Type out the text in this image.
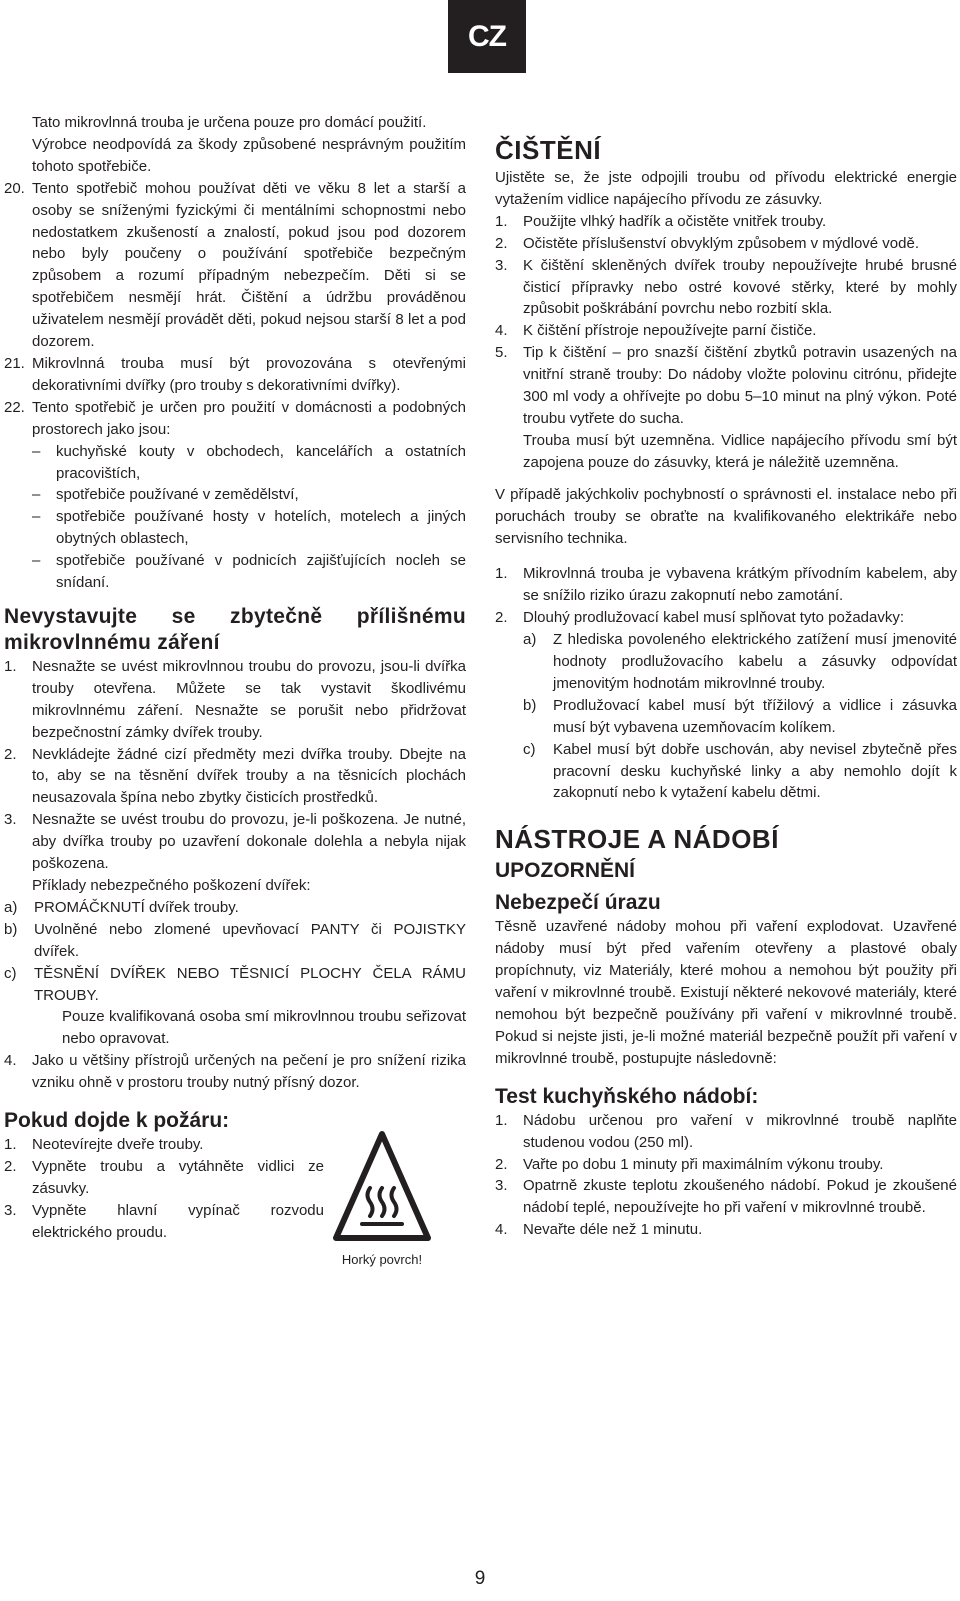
CZ

Tato mikrovlnná trouba je určena pouze pro domácí použití.

Výrobce neodpovídá za škody způsobené nesprávným použitím tohoto spotřebiče.

20. Tento spotřebič mohou používat děti ve věku 8 let a starší a osoby se sníženými fyzickými či mentálními schopnostmi nebo nedostatkem zkušeností a znalostí, pokud jsou pod dozorem nebo byly poučeny o používání spotřebiče bezpečným způsobem a rozumí případným nebezpečím. Děti si se spotřebičem nesmějí hrát. Čištění a údržbu prováděnou uživatelem nesmějí provádět děti, pokud nejsou starší 8 let a pod dozorem.
21. Mikrovlnná trouba musí být provozována s otevřenými dekorativními dvířky (pro trouby s dekorativními dvířky).
22. Tento spotřebič je určen pro použití v domácnosti a podobných prostorech jako jsou:
–	kuchyňské kouty v obchodech, kancelářích a ostatních pracovištích,
–	spotřebiče používané v zemědělství,
–	spotřebiče používané hosty v hotelích, motelech a jiných obytných oblastech,
–	spotřebiče používané v podnicích zajišťujících nocleh se snídaní.
Nevystavujte se zbytečně přílišnému mikrovlnnému záření
1.	Nesnažte se uvést mikrovlnnou troubu do provozu, jsou-li dvířka trouby otevřena. Můžete se tak vystavit škodlivému mikrovlnnému záření. Nesnažte se porušit nebo přidržovat bezpečnostní zámky dvířek trouby.
2.	Nevkládejte žádné cizí předměty mezi dvířka trouby. Dbejte na to, aby se na těsnění dvířek trouby a na těsnicích plochách neusazovala špína nebo zbytky čisticích prostředků.
3.	Nesnažte se uvést troubu do provozu, je-li poškozena. Je nutné, aby dvířka trouby po uzavření dokonale dolehla a nebyla nijak poškozena.

Příklady nebezpečného poškození dvířek:

a)	PROMÁČKNUTÍ dvířek trouby.
b)	Uvolněné nebo zlomené upevňovací PANTY či POJISTKY dvířek.
c)	TĚSNĚNÍ DVÍŘEK NEBO TĚSNICÍ PLOCHY ČELA RÁMU TROUBY.

Pouze kvalifikovaná osoba smí mikrovlnnou troubu seřizovat nebo opravovat.

4.	Jako u většiny přístrojů určených na pečení je pro snížení rizika vzniku ohně v prostoru trouby nutný přísný dozor.
Pokud dojde k požáru:
1.	Neotevírejte dveře trouby.
2.	Vypněte troubu a vytáhněte vidlici ze zásuvky.
3.	Vypněte hlavní vypínač rozvodu elektrického proudu.
Horký povrch!
ČIŠTĚNÍ

Ujistěte se, že jste odpojili troubu od přívodu elektrické energie vytažením vidlice napájecího přívodu ze zásuvky.

1.	Použijte vlhký hadřík a očistěte vnitřek trouby.
2.	Očistěte příslušenství obvyklým způsobem v mýdlové vodě.
3.	K čištění skleněných dvířek trouby nepoužívejte hrubé brusné čisticí přípravky nebo ostré kovové stěrky, které by mohly způsobit poškrábání povrchu nebo rozbití skla.
4.	K čištění přístroje nepoužívejte parní čističe.
5.	Tip k čištění – pro snazší čištění zbytků potravin usazených na vnitřní straně trouby: Do nádoby vložte polovinu citrónu, přidejte 300 ml vody a ohřívejte po dobu 5–10 minut na plný výkon. Poté troubu vytřete do sucha.

Trouba musí být uzemněna. Vidlice napájecího přívodu smí být zapojena pouze do zásuvky, která je náležitě uzemněna.

V případě jakýchkoliv pochybností o správnosti el. instalace nebo při poruchách trouby se obraťte na kvalifikovaného elektrikáře nebo servisního technika.

1.	Mikrovlnná trouba je vybavena krátkým přívodním kabelem, aby se snížilo riziko úrazu zakopnutí nebo zamotání.
2.	Dlouhý prodlužovací kabel musí splňovat tyto požadavky:
a)	Z hlediska povoleného elektrického zatížení musí jmenovité hodnoty prodlužovacího kabelu a zásuvky odpovídat jmenovitým hodnotám mikrovlnné trouby.
b)	Prodlužovací kabel musí být třížilový a vidlice i zásuvka musí být vybavena uzemňovacím kolíkem.
c)	Kabel musí být dobře uschován, aby nevisel zbytečně přes pracovní desku kuchyňské linky a aby nemohlo dojít k zakopnutí nebo k vytažení kabelu dětmi.
NÁSTROJE A NÁDOBÍ
UPOZORNĚNÍ
Nebezpečí úrazu

Těsně uzavřené nádoby mohou při vaření explodovat. Uzavřené nádoby musí být před vařením otevřeny a plastové obaly propíchnuty, viz Materiály, které mohou a nemohou být použity při vaření v mikrovlnné troubě. Existují některé nekovové materiály, které nemohou být bezpečně používány při vaření v mikrovlnné troubě. Pokud si nejste jisti, je-li možné materiál bezpečně použít při vaření v mikrovlnné troubě, postupujte následovně:

Test kuchyňského nádobí:
1.	Nádobu určenou pro vaření v mikrovlnné troubě naplňte studenou vodou (250 ml).
2.	Vařte po dobu 1 minuty při maximálním výkonu trouby.
3.	Opatrně zkuste teplotu zkoušeného nádobí. Pokud je zkoušené nádobí teplé, nepoužívejte ho při vaření v mikrovlnné troubě.
4.	Nevařte déle než 1 minutu.
9
